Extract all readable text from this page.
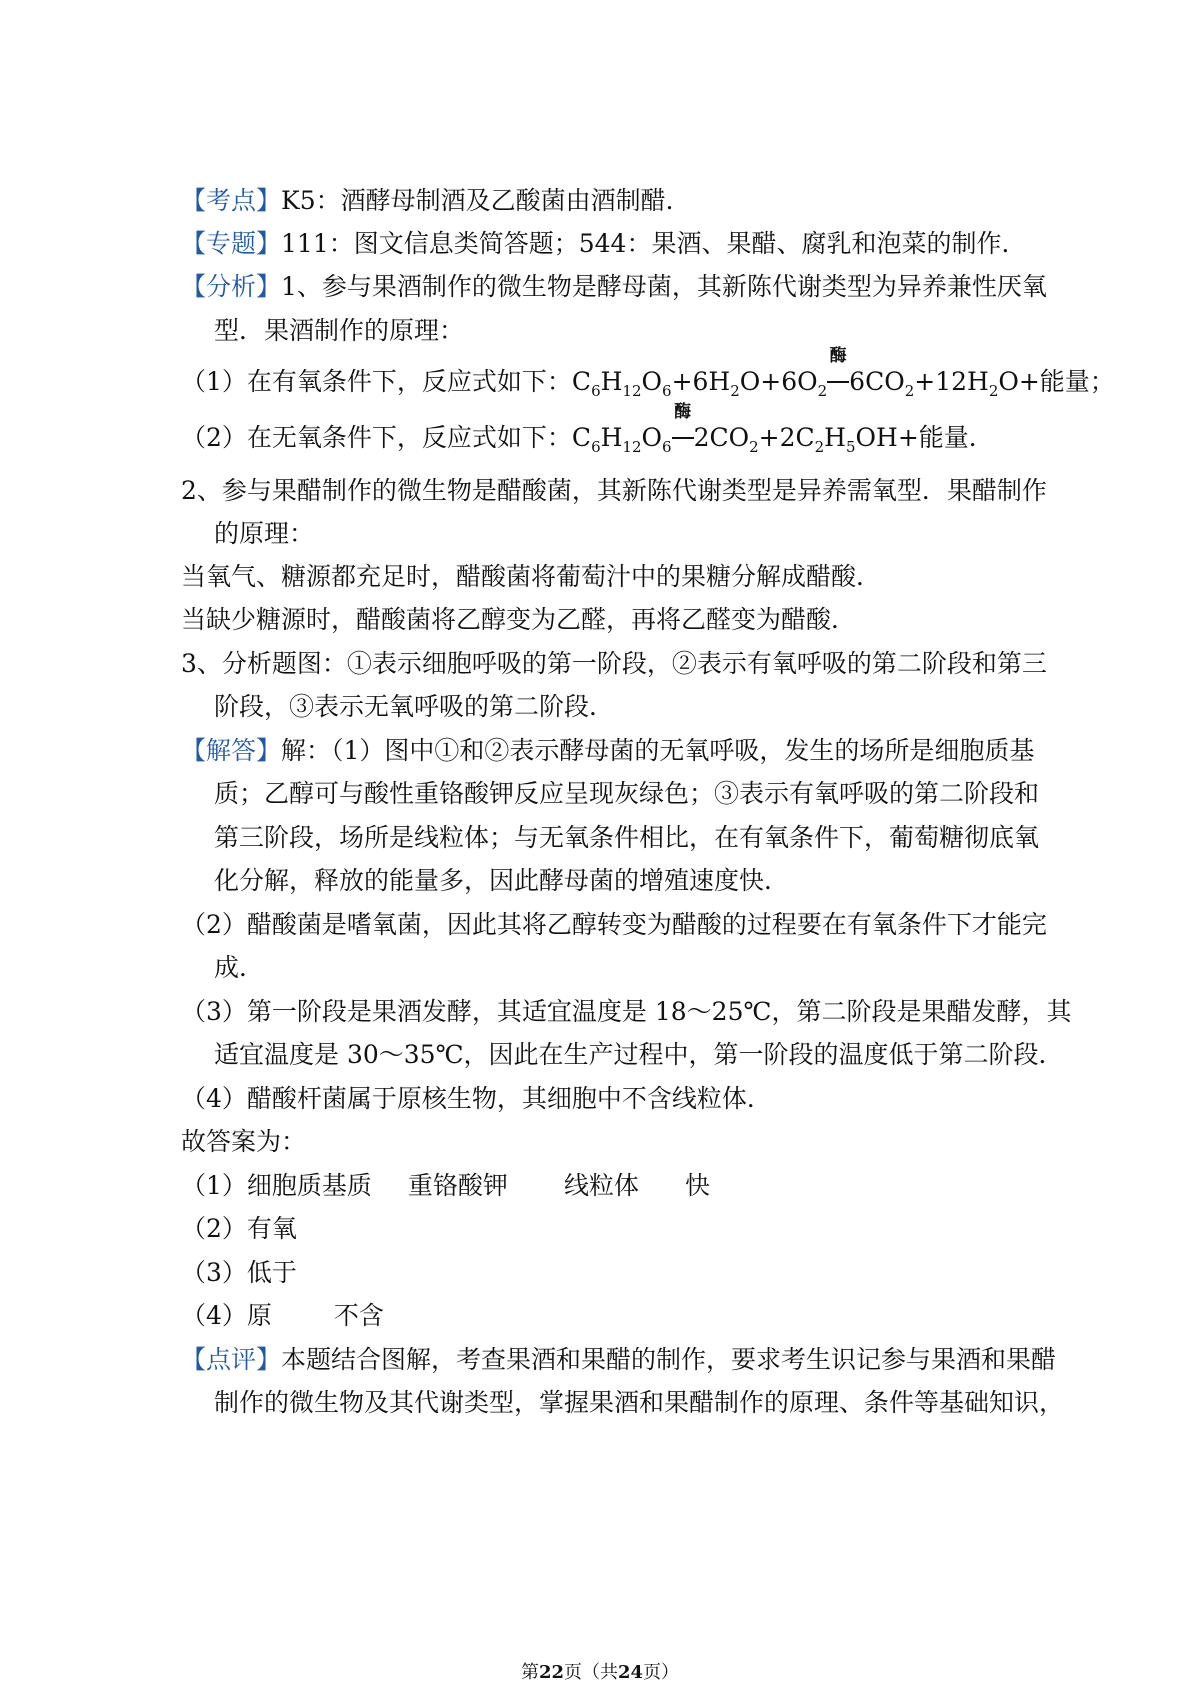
【考点】K5：酒酵母制酒及乙酸菌由酒制醋．
【专题】111：图文信息类简答题；544：果酒、果醋、腐乳和泡菜的制作．
【分析】1、参与果酒制作的微生物是酵母菌，其新陈代谢类型为异养兼性厌氧
型．果酒制作的原理：
（1）在有氧条件下，反应式如下：$C_6H_{12}O_6+6H_2O+6O_2$
酶
$6CO_2+12H_2O+$能量；
（2）在无氧条件下，反应式如下：$C_6H_{12}O_6$
酶
$2CO_2+2C_2H_5OH+$能量．
2、参与果醋制作的微生物是醋酸菌，其新陈代谢类型是异养需氧型．果醋制作
的原理：
当氧气、糖源都充足时，醋酸菌将葡萄汁中的果糖分解成醋酸．
当缺少糖源时，醋酸菌将乙醇变为乙醛，再将乙醛变为醋酸．
3、分析题图：①表示细胞呼吸的第一阶段，②表示有氧呼吸的第二阶段和第三
阶段，③表示无氧呼吸的第二阶段．
【解答】解：（1）图中①和②表示酵母菌的无氧呼吸，发生的场所是细胞质基
质；乙醇可与酸性重铬酸钾反应呈现灰绿色；③表示有氧呼吸的第二阶段和
第三阶段，场所是线粒体；与无氧条件相比，在有氧条件下，葡萄糖彻底氧
化分解，释放的能量多，因此酵母菌的增殖速度快．
（2）醋酸菌是嗜氧菌，因此其将乙醇转变为醋酸的过程要在有氧条件下才能完
成．
（3）第一阶段是果酒发酵，其适宜温度是 18～25℃，第二阶段是果醋发酵，其
适宜温度是 30～35℃，因此在生产过程中，第一阶段的温度低于第二阶段．
（4）醋酸杆菌属于原核生物，其细胞中不含线粒体．
故答案为：
（1）细胞质基质 重铬酸钾 线粒体 快
（2）有氧
（3）低于
（4）原 不含
【点评】本题结合图解，考查果酒和果醋的制作，要求考生识记参与果酒和果醋
制作的微生物及其代谢类型，掌握果酒和果醋制作的原理、条件等基础知识，
第22页（共24页）
